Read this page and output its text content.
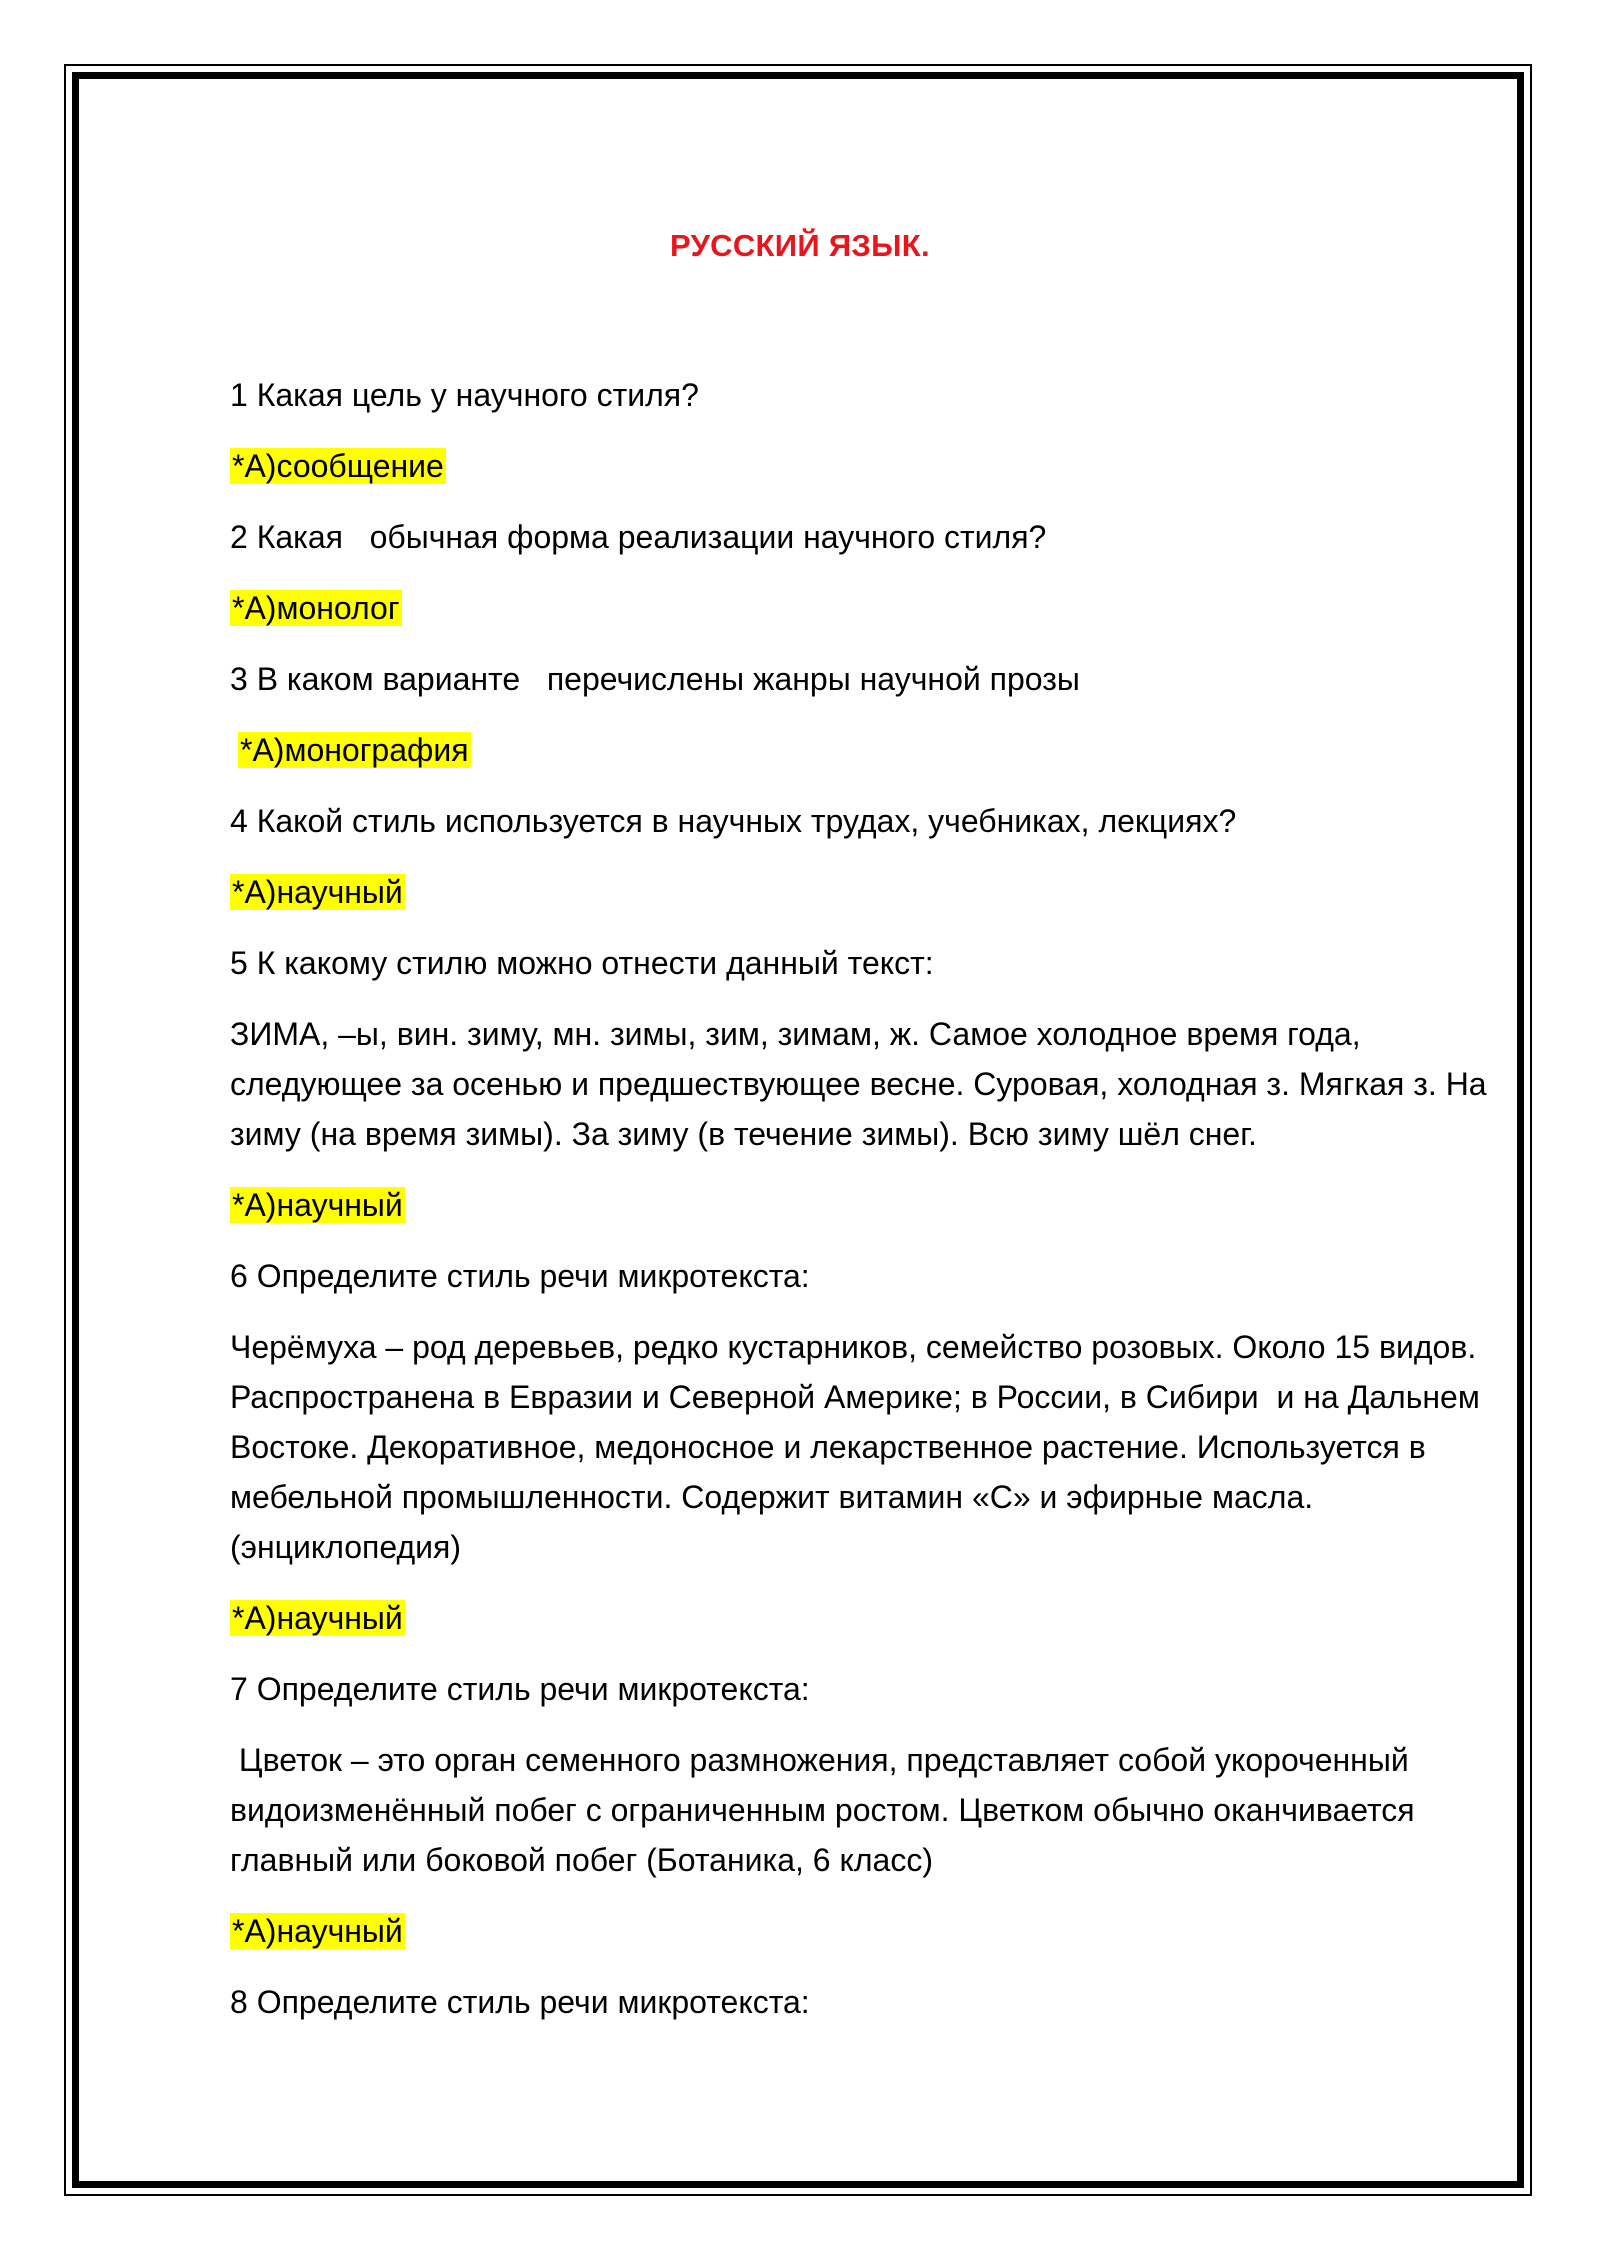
РУССКИЙ ЯЗЫК.

1 Какая цель у научного стиля?

*А)сообщение

2 Какая   обычная форма реализации научного стиля?

*А)монолог

3 В каком варианте   перечислены жанры научной прозы

*А)монография

4 Какой стиль используется в научных трудах, учебниках, лекциях?

*А)научный

5 К какому стилю можно отнести данный текст:

ЗИМА, –ы, вин. зиму, мн. зимы, зим, зимам, ж. Самое холодное время года, следующее за осенью и предшествующее весне. Суровая, холодная з. Мягкая з. На зиму (на время зимы). За зиму (в течение зимы). Всю зиму шёл снег.

*А)научный

6 Определите стиль речи микротекста:

Черёмуха – род деревьев, редко кустарников, семейство розовых. Около 15 видов. Распространена в Евразии и Северной Америке; в России, в Сибири  и на Дальнем Востоке. Декоративное, медоносное и лекарственное растение. Используется в мебельной промышленности. Содержит витамин «С» и эфирные масла. (энциклопедия)

*А)научный

7 Определите стиль речи микротекста:

Цветок – это орган семенного размножения, представляет собой укороченный видоизменённый побег с ограниченным ростом. Цветком обычно оканчивается главный или боковой побег (Ботаника, 6 класс)

*А)научный

8 Определите стиль речи микротекста:
